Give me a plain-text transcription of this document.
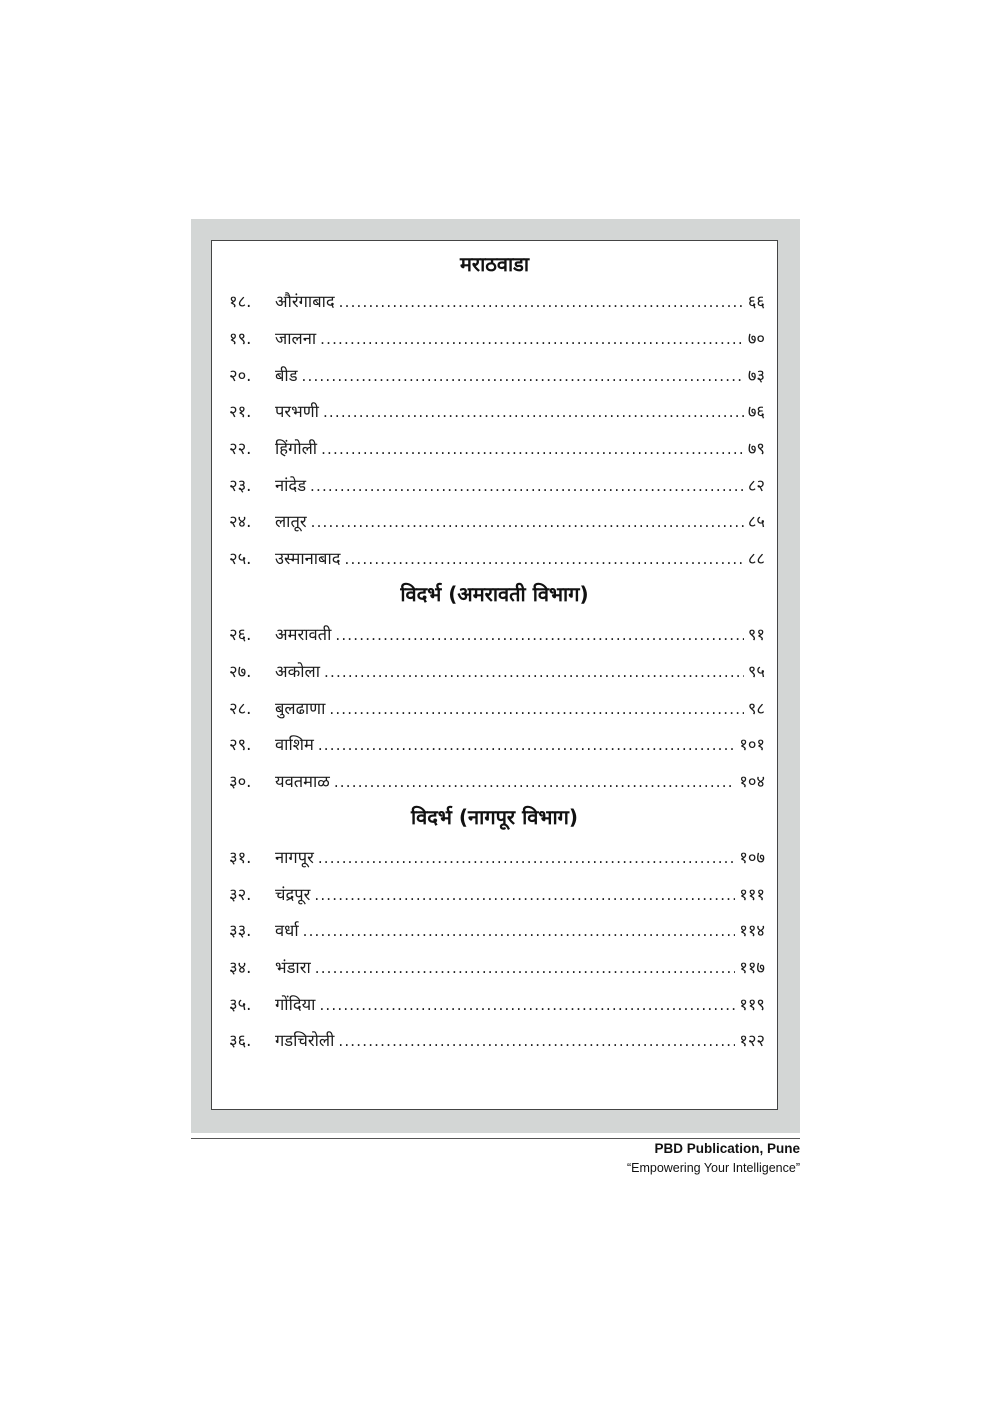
मराठवाडा
१८.	औरंगाबाद .....	६६
१९.	जालना .....	७०
२०.	बीड .....	७३
२१.	परभणी .....	७६
२२.	हिंगोली .....	७९
२३.	नांदेड .....	८२
२४.	लातूर .....	८५
२५.	उस्मानाबाद .....	८८
विदर्भ (अमरावती विभाग)
२६.	अमरावती .....	९१
२७.	अकोला .....	९५
२८.	बुलढाणा .....	९८
२९.	वाशिम .....	१०१
३०.	यवतमाळ .....	१०४
विदर्भ (नागपूर विभाग)
३१.	नागपूर .....	१०७
३२.	चंद्रपूर .....	१११
३३.	वर्धा .....	११४
३४.	भंडारा .....	११७
३५.	गोंदिया .....	११९
३६.	गडचिरोली .....	१२२
PBD Publication, Pune
“Empowering Your Intelligence”
